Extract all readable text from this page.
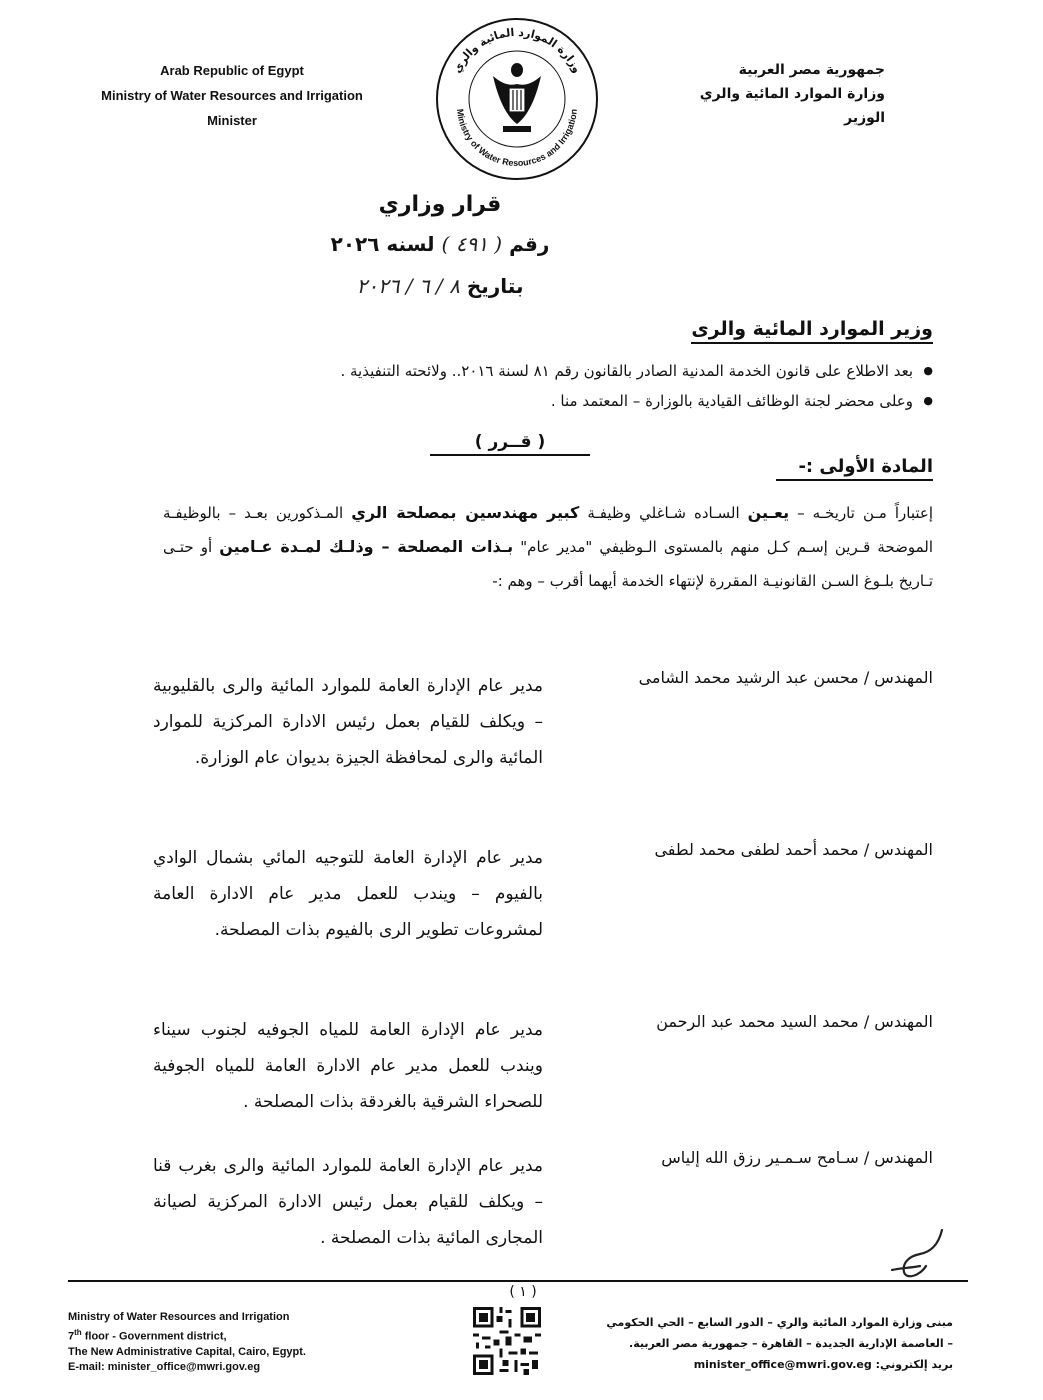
Arab Republic of Egypt
Ministry of Water Resources and Irrigation
Minister
وزارة الموارد المائية والري
Ministry of Water Resources and Irrigation
جمهورية مصر العربية
وزارة الموارد المائية والري
الوزير
قرار وزاري
رقم ( ٤٩١ ) لسنه ٢٠٢٦
بتاريخ ٨ / ٦ / ٢٠٢٦
وزير الموارد المائية والرى
● بعد الاطلاع على قانون الخدمة المدنية الصادر بالقانون رقم ٨١ لسنة ٢٠١٦.. ولائحته التنفيذية .
● وعلى محضر لجنة الوظائف القيادية بالوزارة – المعتمد منا .
( قــرر )
المادة الأولى :-
إعتباراً مـن تاريخـه – يعـين السـاده شـاغلي وظيفـة كبير مهندسين بمصلحة الري المـذكورين بعـد – بالوظيفـة الموضحة قـرين إسـم كـل منهم بالمستوى الـوظيفي "مدير عام" بـذات المصلحة – وذلـك لمـدة عـامين أو حتـى تـاريخ بلـوغ السـن القانونيـة المقررة لإنتهاء الخدمة أيهما أقرب – وهم :-
المهندس / محسن عبد الرشيد محمد الشامى
مدير عام الإدارة العامة للموارد المائية والرى بالقليوبية – ويكلف للقيام بعمل رئيس الادارة المركزية للموارد المائية والرى لمحافظة الجيزة بديوان عام الوزارة.
المهندس / محمد أحمد لطفى محمد لطفى
مدير عام الإدارة العامة للتوجيه المائي بشمال الوادي بالفيوم – ويندب للعمل مدير عام الادارة العامة لمشروعات تطوير الرى بالفيوم بذات المصلحة.
المهندس / محمد السيد محمد عبد الرحمن
مدير عام الإدارة العامة للمياه الجوفيه لجنوب سيناء ويندب للعمل مدير عام الادارة العامة للمياه الجوفية للصحراء الشرقية بالغردقة بذات المصلحة .
المهندس / سـامح سـمـير رزق الله إلياس
مدير عام الإدارة العامة للموارد المائية والرى بغرب قنا – ويكلف للقيام بعمل رئيس الادارة المركزية لصيانة المجارى المائية بذات المصلحة .
( ١ )
Ministry of Water Resources and Irrigation
7th floor - Government district,
The New Administrative Capital, Cairo, Egypt.
E-mail: minister_office@mwri.gov.eg
مبنى وزارة الموارد المائية والري – الدور السابع – الحي الحكومي
– العاصمة الإدارية الجديدة – القاهرة – جمهورية مصر العربية.
بريد إلكتروني: minister_office@mwri.gov.eg
